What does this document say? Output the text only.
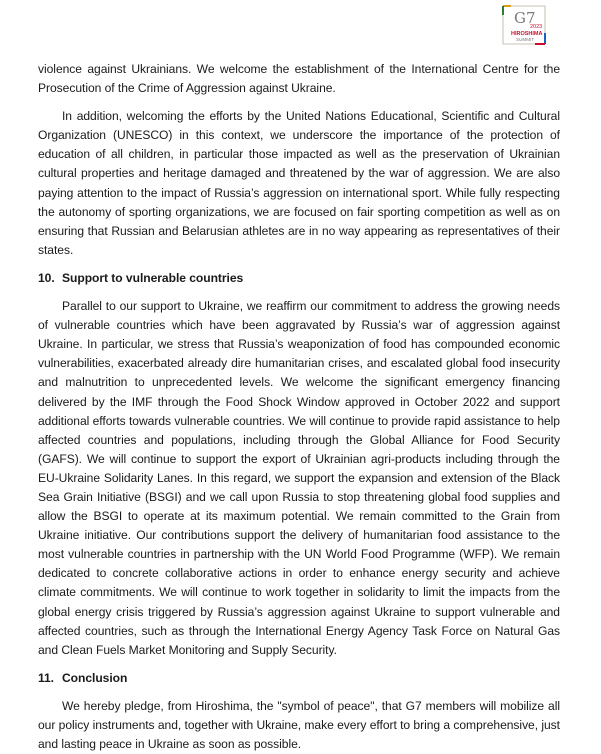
G7
2023
HIROSHIMA
SUMMIT

violence against Ukrainians. We welcome the establishment of the International Centre for the Prosecution of the Crime of Aggression against Ukraine.

In addition, welcoming the efforts by the United Nations Educational, Scientific and Cultural Organization (UNESCO) in this context, we underscore the importance of the protection of education of all children, in particular those impacted as well as the preservation of Ukrainian cultural properties and heritage damaged and threatened by the war of aggression. We are also paying attention to the impact of Russia’s aggression on international sport. While fully respecting the autonomy of sporting organizations, we are focused on fair sporting competition as well as on ensuring that Russian and Belarusian athletes are in no way appearing as representatives of their states.

10. Support to vulnerable countries

Parallel to our support to Ukraine, we reaffirm our commitment to address the growing needs of vulnerable countries which have been aggravated by Russia’s war of aggression against Ukraine. In particular, we stress that Russia’s weaponization of food has compounded economic vulnerabilities, exacerbated already dire humanitarian crises, and escalated global food insecurity and malnutrition to unprecedented levels. We welcome the significant emergency financing delivered by the IMF through the Food Shock Window approved in October 2022 and support additional efforts towards vulnerable countries. We will continue to provide rapid assistance to help affected countries and populations, including through the Global Alliance for Food Security (GAFS). We will continue to support the export of Ukrainian agri-products including through the EU-Ukraine Solidarity Lanes. In this regard, we support the expansion and extension of the Black Sea Grain Initiative (BSGI) and we call upon Russia to stop threatening global food supplies and allow the BSGI to operate at its maximum potential. We remain committed to the Grain from Ukraine initiative. Our contributions support the delivery of humanitarian food assistance to the most vulnerable countries in partnership with the UN World Food Programme (WFP). We remain dedicated to concrete collaborative actions in order to enhance energy security and achieve climate commitments. We will continue to work together in solidarity to limit the impacts from the global energy crisis triggered by Russia’s aggression against Ukraine to support vulnerable and affected countries, such as through the International Energy Agency Task Force on Natural Gas and Clean Fuels Market Monitoring and Supply Security.

11. Conclusion

We hereby pledge, from Hiroshima, the "symbol of peace", that G7 members will mobilize all our policy instruments and, together with Ukraine, make every effort to bring a comprehensive, just and lasting peace in Ukraine as soon as possible.
